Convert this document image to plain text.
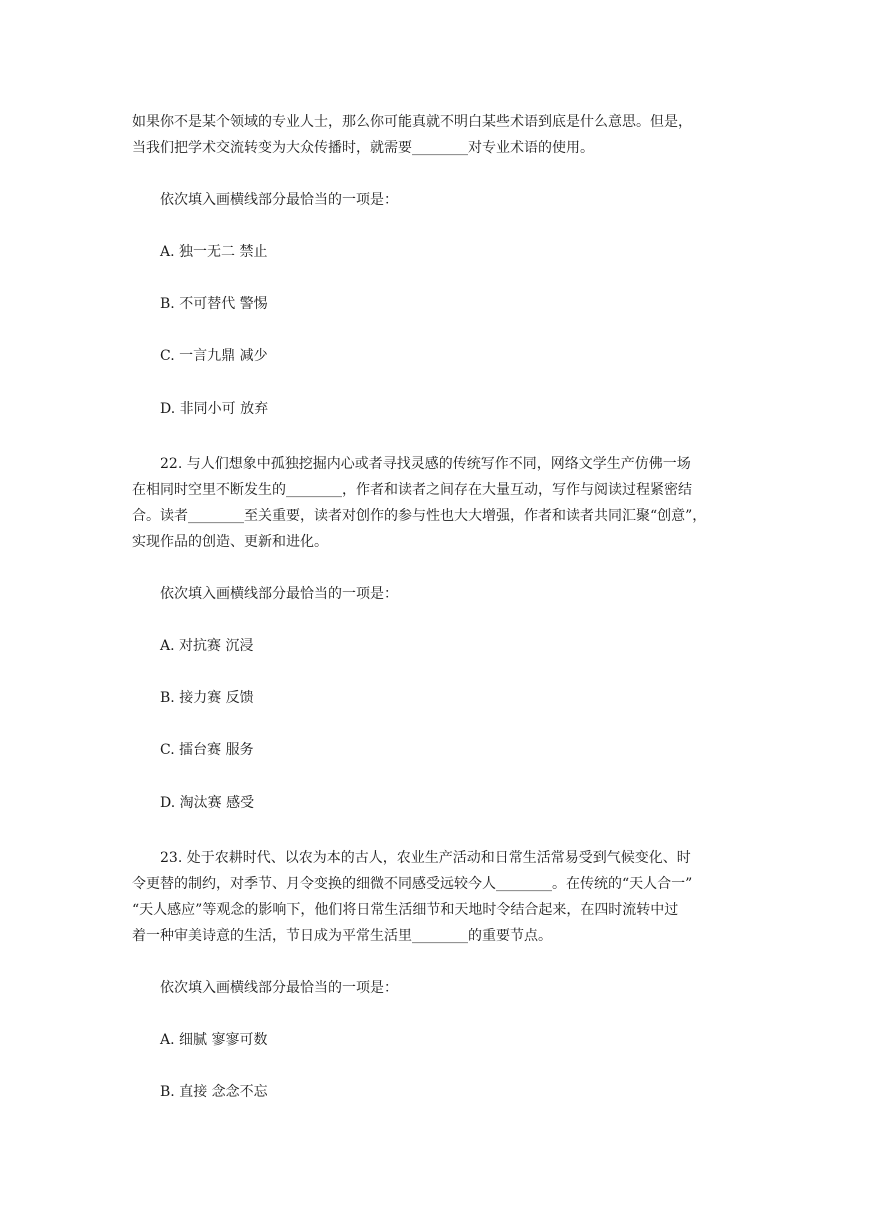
如果你不是某个领域的专业人士，那么你可能真就不明白某些术语到底是什么意思。但是，
当我们把学术交流转变为大众传播时，就需要________对专业术语的使用。

依次填入画横线部分最恰当的一项是：

A. 独一无二 禁止

B. 不可替代 警惕

C. 一言九鼎 减少

D. 非同小可 放弃

22. 与人们想象中孤独挖掘内心或者寻找灵感的传统写作不同，网络文学生产仿佛一场
在相同时空里不断发生的________，作者和读者之间存在大量互动，写作与阅读过程紧密结
合。读者________至关重要，读者对创作的参与性也大大增强，作者和读者共同汇聚“创意”，
实现作品的创造、更新和进化。

依次填入画横线部分最恰当的一项是：

A. 对抗赛 沉浸

B. 接力赛 反馈

C. 擂台赛 服务

D. 淘汰赛 感受

23. 处于农耕时代、以农为本的古人，农业生产活动和日常生活常易受到气候变化、时
令更替的制约，对季节、月令变换的细微不同感受远较今人________。在传统的“天人合一”
“天人感应”等观念的影响下，他们将日常生活细节和天地时令结合起来，在四时流转中过
着一种审美诗意的生活，节日成为平常生活里________的重要节点。

依次填入画横线部分最恰当的一项是：

A. 细腻 寥寥可数

B. 直接 念念不忘
